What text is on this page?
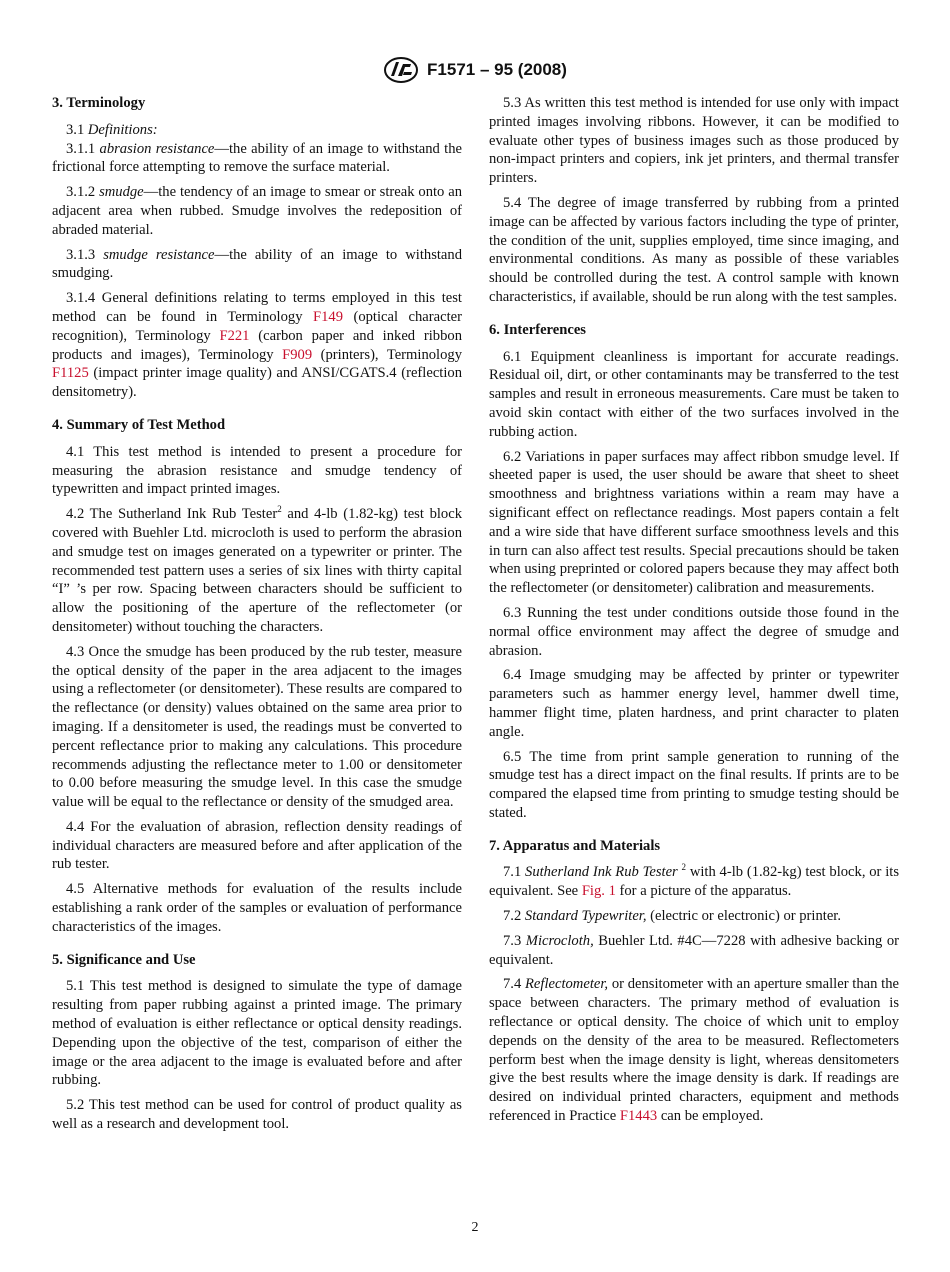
F1571 – 95 (2008)
3. Terminology

3.1 Definitions:

3.1.1 abrasion resistance—the ability of an image to withstand the frictional force attempting to remove the surface material.

3.1.2 smudge—the tendency of an image to smear or streak onto an adjacent area when rubbed. Smudge involves the redeposition of abraded material.

3.1.3 smudge resistance—the ability of an image to withstand smudging.

3.1.4 General definitions relating to terms employed in this test method can be found in Terminology F149 (optical character recognition), Terminology F221 (carbon paper and inked ribbon products and images), Terminology F909 (printers), Terminology F1125 (impact printer image quality) and ANSI/CGATS.4 (reflection densitometry).

4. Summary of Test Method

4.1 This test method is intended to present a procedure for measuring the abrasion resistance and smudge tendency of typewritten and impact printed images.

4.2 The Sutherland Ink Rub Tester$^2$ and 4-lb (1.82-kg) test block covered with Buehler Ltd. microcloth is used to perform the abrasion and smudge test on images generated on a typewriter or printer. The recommended test pattern uses a series of six lines with thirty capital “I” ’s per row. Spacing between characters should be sufficient to allow the positioning of the aperture of the reflectometer (or densitometer) without touching the characters.

4.3 Once the smudge has been produced by the rub tester, measure the optical density of the paper in the area adjacent to the images using a reflectometer (or densitometer). These results are compared to the reflectance (or density) values obtained on the same area prior to imaging. If a densitometer is used, the readings must be converted to percent reflectance prior to making any calculations. This procedure recommends adjusting the reflectance meter to 1.00 or densitometer to 0.00 before measuring the smudge level. In this case the smudge value will be equal to the reflectance or density of the smudged area.

4.4 For the evaluation of abrasion, reflection density readings of individual characters are measured before and after application of the rub tester.

4.5 Alternative methods for evaluation of the results include establishing a rank order of the samples or evaluation of performance characteristics of the images.

5. Significance and Use

5.1 This test method is designed to simulate the type of damage resulting from paper rubbing against a printed image. The primary method of evaluation is either reflectance or optical density readings. Depending upon the objective of the test, comparison of either the image or the area adjacent to the image is evaluated before and after rubbing.

5.2 This test method can be used for control of product quality as well as a research and development tool.

5.3 As written this test method is intended for use only with impact printed images involving ribbons. However, it can be modified to evaluate other types of business images such as those produced by non-impact printers and copiers, ink jet printers, and thermal transfer printers.

5.4 The degree of image transferred by rubbing from a printed image can be affected by various factors including the type of printer, the condition of the unit, supplies employed, time since imaging, and environmental conditions. As many as possible of these variables should be controlled during the test. A control sample with known characteristics, if available, should be run along with the test samples.

6. Interferences

6.1 Equipment cleanliness is important for accurate readings. Residual oil, dirt, or other contaminants may be transferred to the test samples and result in erroneous measurements. Care must be taken to avoid skin contact with either of the two surfaces involved in the rubbing action.

6.2 Variations in paper surfaces may affect ribbon smudge level. If sheeted paper is used, the user should be aware that sheet to sheet smoothness and brightness variations within a ream may have a significant effect on reflectance readings. Most papers contain a felt and a wire side that have different surface smoothness levels and this in turn can also affect test results. Special precautions should be taken when using preprinted or colored papers because they may affect both the reflectometer (or densitometer) calibration and measurements.

6.3 Running the test under conditions outside those found in the normal office environment may affect the degree of smudge and abrasion.

6.4 Image smudging may be affected by printer or typewriter parameters such as hammer energy level, hammer dwell time, hammer flight time, platen hardness, and print character to platen angle.

6.5 The time from print sample generation to running of the smudge test has a direct impact on the final results. If prints are to be compared the elapsed time from printing to smudge testing should be stated.

7. Apparatus and Materials

7.1 Sutherland Ink Rub Tester $^2$ with 4-lb (1.82-kg) test block, or its equivalent. See Fig. 1 for a picture of the apparatus.

7.2 Standard Typewriter, (electric or electronic) or printer.

7.3 Microcloth, Buehler Ltd. #4C—7228 with adhesive backing or equivalent.

7.4 Reflectometer, or densitometer with an aperture smaller than the space between characters. The primary method of evaluation is reflectance or optical density. The choice of which unit to employ depends on the density of the area to be measured. Reflectometers perform best when the image density is light, whereas densitometers give the best results where the image density is dark. If readings are desired on individual printed characters, equipment and methods referenced in Practice F1443 can be employed.

2
